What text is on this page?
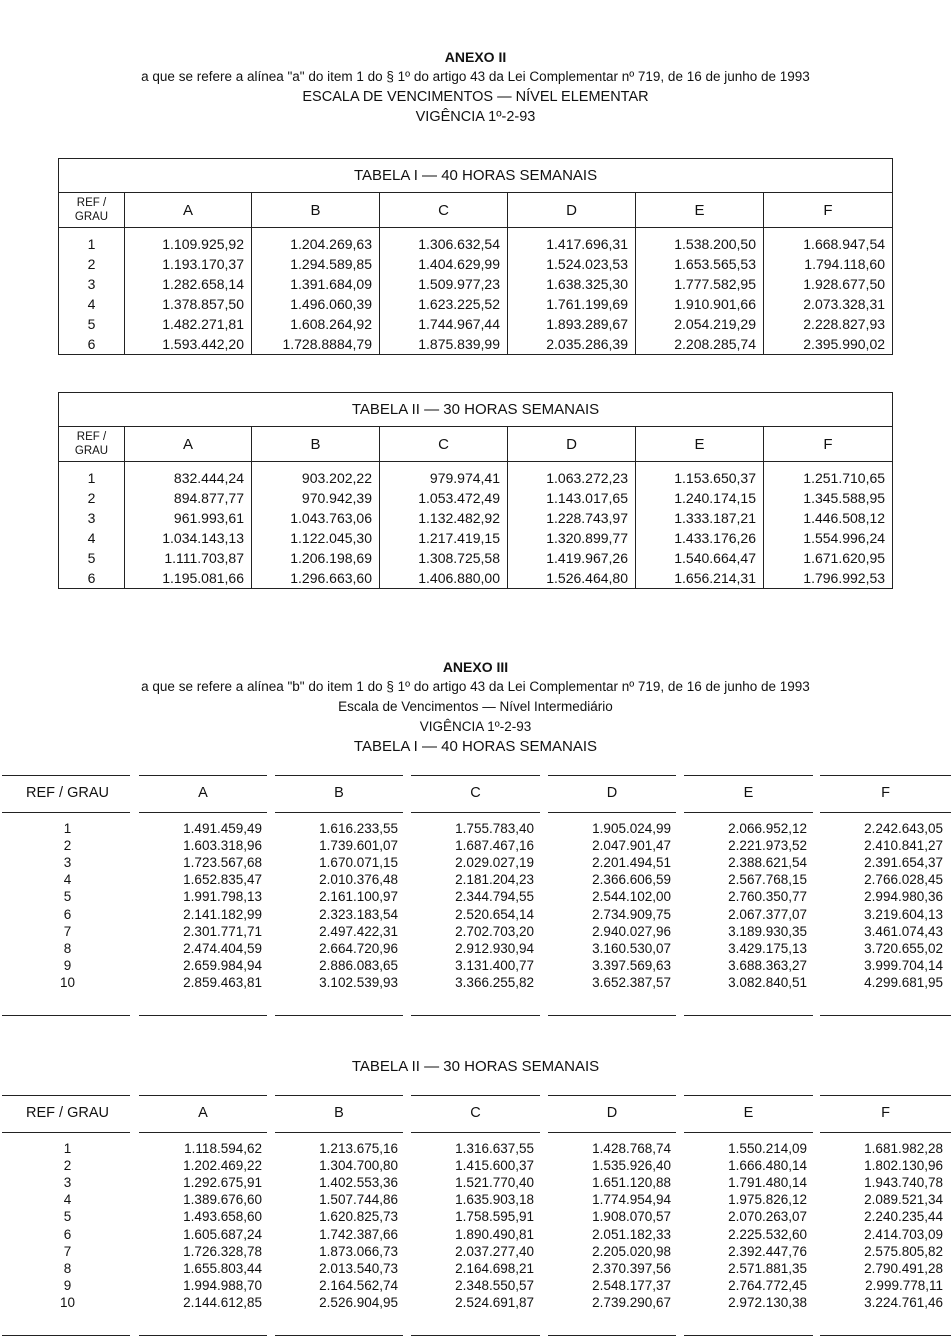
ANEXO II
a que se refere a alínea "a" do item 1 do § 1º do artigo 43 da Lei Complementar nº 719, de 16 de junho de 1993
ESCALA DE VENCIMENTOS — NÍVEL ELEMENTAR
VIGÊNCIA 1º-2-93
TABELA I — 40 HORAS SEMANAIS						

REF /
GRAU	A	B	C	D	E	F
1	1.109.925,92	1.204.269,63	1.306.632,54	1.417.696,31	1.538.200,50	1.668.947,54
2	1.193.170,37	1.294.589,85	1.404.629,99	1.524.023,53	1.653.565,53	1.794.118,60
3	1.282.658,14	1.391.684,09	1.509.977,23	1.638.325,30	1.777.582,95	1.928.677,50
4	1.378.857,50	1.496.060,39	1.623.225,52	1.761.199,69	1.910.901,66	2.073.328,31
5	1.482.271,81	1.608.264,92	1.744.967,44	1.893.289,67	2.054.219,29	2.228.827,93
6	1.593.442,20	1.728.8884,79	1.875.839,99	2.035.286,39	2.208.285,74	2.395.990,02
TABELA II — 30 HORAS SEMANAIS						

REF /
GRAU	A	B	C	D	E	F
1	832.444,24	903.202,22	979.974,41	1.063.272,23	1.153.650,37	1.251.710,65
2	894.877,77	970.942,39	1.053.472,49	1.143.017,65	1.240.174,15	1.345.588,95
3	961.993,61	1.043.763,06	1.132.482,92	1.228.743,97	1.333.187,21	1.446.508,12
4	1.034.143,13	1.122.045,30	1.217.419,15	1.320.899,77	1.433.176,26	1.554.996,24
5	1.111.703,87	1.206.198,69	1.308.725,58	1.419.967,26	1.540.664,47	1.671.620,95
6	1.195.081,66	1.296.663,60	1.406.880,00	1.526.464,80	1.656.214,31	1.796.992,53
ANEXO III
a que se refere a alínea "b" do item 1 do § 1º do artigo 43 da Lei Complementar nº 719, de 16 de junho de 1993
Escala de Vencimentos — Nível Intermediário
VIGÊNCIA 1º-2-93
TABELA I — 40 HORAS SEMANAIS
REF / GRAU	A	B	C	D	E	F
1	1.491.459,49	1.616.233,55	1.755.783,40	1.905.024,99	2.066.952,12	2.242.643,05
2	1.603.318,96	1.739.601,07	1.687.467,16	2.047.901,47	2.221.973,52	2.410.841,27
3	1.723.567,68	1.670.071,15	2.029.027,19	2.201.494,51	2.388.621,54	2.391.654,37
4	1.652.835,47	2.010.376,48	2.181.204,23	2.366.606,59	2.567.768,15	2.766.028,45
5	1.991.798,13	2.161.100,97	2.344.794,55	2.544.102,00	2.760.350,77	2.994.980,36
6	2.141.182,99	2.323.183,54	2.520.654,14	2.734.909,75	2.067.377,07	3.219.604,13
7	2.301.771,71	2.497.422,31	2.702.703,20	2.940.027,96	3.189.930,35	3.461.074,43
8	2.474.404,59	2.664.720,96	2.912.930,94	3.160.530,07	3.429.175,13	3.720.655,02
9	2.659.984,94	2.886.083,65	3.131.400,77	3.397.569,63	3.688.363,27	3.999.704,14
10	2.859.463,81	3.102.539,93	3.366.255,82	3.652.387,57	3.082.840,51	4.299.681,95
TABELA II — 30 HORAS SEMANAIS
REF / GRAU	A	B	C	D	E	F
1	1.118.594,62	1.213.675,16	1.316.637,55	1.428.768,74	1.550.214,09	1.681.982,28
2	1.202.469,22	1.304.700,80	1.415.600,37	1.535.926,40	1.666.480,14	1.802.130,96
3	1.292.675,91	1.402.553,36	1.521.770,40	1.651.120,88	1.791.480,14	1.943.740,78
4	1.389.676,60	1.507.744,86	1.635.903,18	1.774.954,94	1.975.826,12	2.089.521,34
5	1.493.658,60	1.620.825,73	1.758.595,91	1.908.070,57	2.070.263,07	2.240.235,44
6	1.605.687,24	1.742.387,66	1.890.490,81	2.051.182,33	2.225.532,60	2.414.703,09
7	1.726.328,78	1.873.066,73	2.037.277,40	2.205.020,98	2.392.447,76	2.575.805,82
8	1.655.803,44	2.013.540,73	2.164.698,21	2.370.397,56	2.571.881,35	2.790.491,28
9	1.994.988,70	2.164.562,74	2.348.550,57	2.548.177,37	2.764.772,45	2.999.778,11
10	2.144.612,85	2.526.904,95	2.524.691,87	2.739.290,67	2.972.130,38	3.224.761,46
